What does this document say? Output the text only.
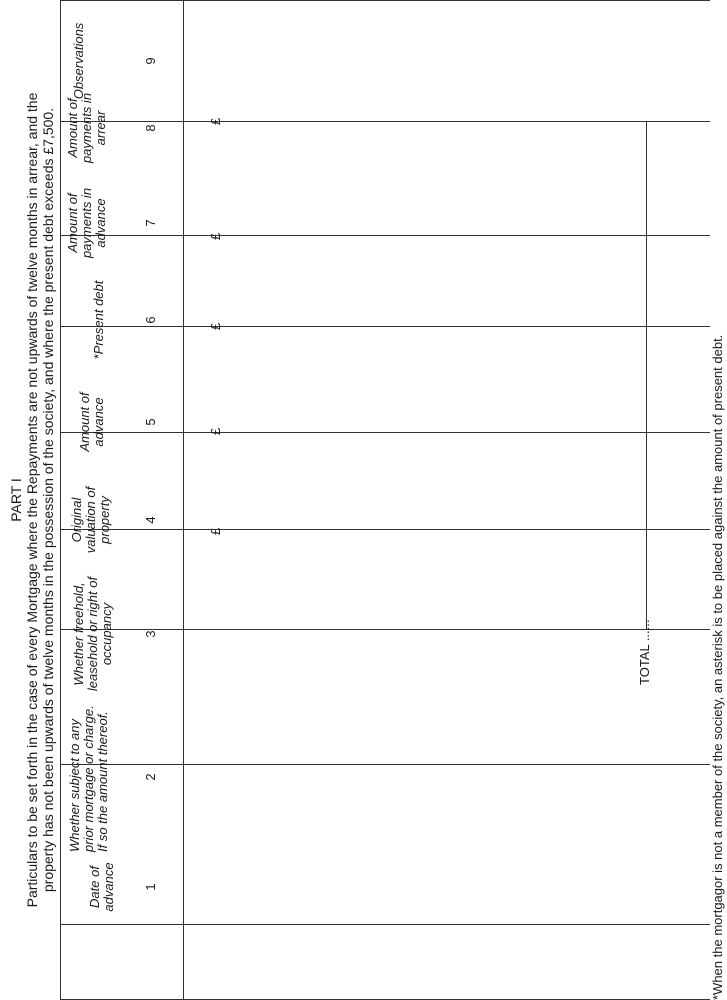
PART I Particulars to be set forth in the case of every Mortgage where the Repayments are not upwards of twelve months in arrear, and the property has not been upwards of twelve months in the possession of the society, and where the present debt exceeds £7,500. Date of advance
Whether subject to any prior mortgage or charge. If so the amount thereof.
Whether freehold, leasehold or right of occupancy
Original valuation of property
Amount of advance
*Present debt
Amount of payments in advance
Amount of payments in arrear
Observations
1
2
3
4
5
6
7
8
9
£
£
£
£
£
TOTAL ......	*When the mortgagor is not a member of the society, an asterisk is to be placed against the amount of present debt.
